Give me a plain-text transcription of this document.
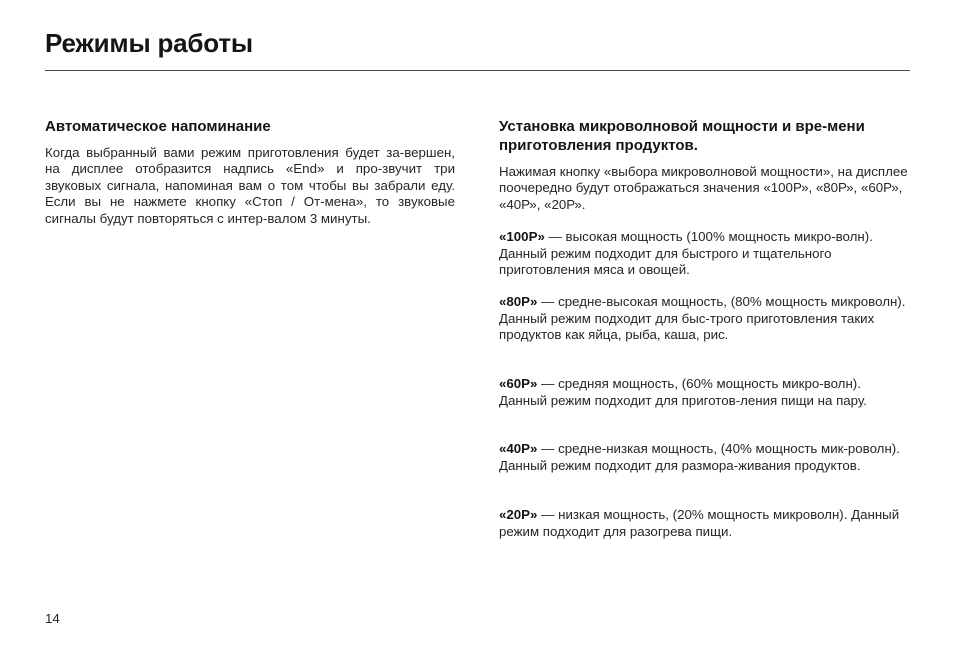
Режимы работы
Автоматическое напоминание
Когда выбранный вами режим приготовления будет за-вершен, на дисплее отобразится надпись «End» и про-звучит три звуковых сигнала, напоминая вам о том чтобы вы забрали еду. Если вы не нажмете кнопку «Стоп / От-мена», то звуковые сигналы будут повторяться с интер-валом 3 минуты.
Установка микроволновой мощности и вре-мени приготовления продуктов.
Нажимая кнопку «выбора микроволновой мощности», на дисплее поочередно будут отображаться значения «100Р», «80Р», «60Р», «40Р», «20Р».
«100Р» — высокая мощность (100% мощность микро-волн). Данный режим подходит для быстрого и тщательного приготовления мяса и овощей.
«80Р» — средне-высокая мощность, (80% мощность микроволн). Данный режим подходит для быс-трого приготовления таких продуктов как яйца, рыба, каша, рис.
«60Р» — средняя мощность, (60% мощность микро-волн). Данный режим подходит для приготов-ления пищи на пару.
«40Р» — средне-низкая мощность, (40% мощность мик-роволн). Данный режим подходит для размора-живания продуктов.
«20Р» — низкая мощность, (20% мощность микроволн). Данный режим подходит для разогрева пищи.
14
